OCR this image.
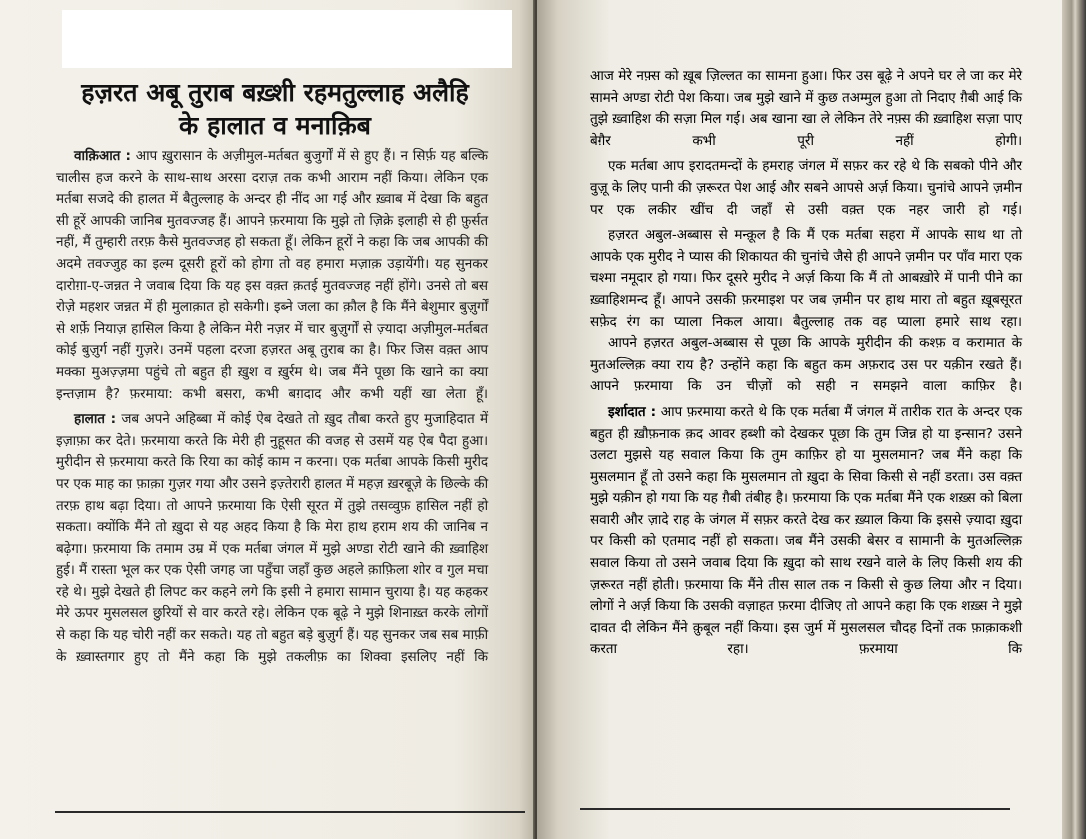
हज़रत अबू तुराब बख़्शी रहमतुल्लाह अलैहि
के हालात व मनाक़िब

वाक़िआत : आप ख़ुरासान के अज़ीमुल-मर्तबत बुजुर्गों में से हुए हैं। न सिर्फ़ यह बल्कि चालीस हज करने के साथ-साथ अरसा दराज़ तक कभी आराम नहीं किया। लेकिन एक मर्तबा सजदे की हालत में बैतुल्लाह के अन्दर ही नींद आ गई और ख़्वाब में देखा कि बहुत सी हूरें आपकी जानिब मुतवज्जह हैं। आपने फ़रमाया कि मुझे तो ज़िक्रे इलाही से ही फ़ुर्सत नहीं, मैं तुम्हारी तरफ़ कैसे मुतवज्जह हो सकता हूँ। लेकिन हूरों ने कहा कि जब आपकी की अदमे तवज्जुह का इल्म दूसरी हूरों को होगा तो वह हमारा मज़ाक़ उड़ायेंगी। यह सुनकर दारोग़ा-ए-जन्नत ने जवाब दिया कि यह इस वक़्त क़तई मुतवज्जह नहीं होंगे। उनसे तो बस रोज़े महशर जन्नत में ही मुलाक़ात हो सकेगी। इब्ने जला का क़ौल है कि मैंने बेशुमार बुज़ुर्गों से शर्फ़े नियाज़ हासिल किया है लेकिन मेरी नज़र में चार बुज़ुर्गों से ज़्यादा अज़ीमुल-मर्तबत कोई बुज़ुर्ग नहीं गुज़रे। उनमें पहला दरजा हज़रत अबू तुराब का है। फिर जिस वक़्त आप मक्का मुअज़्ज़मा पहुंचे तो बहुत ही ख़ुश व ख़ुर्रम थे। जब मैंने पूछा कि खाने का क्या इन्तज़ाम है? फ़रमाया: कभी बसरा, कभी बग़दाद और कभी यहीं खा लेता हूँ।

हालात : जब अपने अहिब्बा में कोई ऐब देखते तो ख़ुद तौबा करते हुए मुजाहिदात में इज़ाफ़ा कर देते। फ़रमाया करते कि मेरी ही नुहूसत की वजह से उसमें यह ऐब पैदा हुआ। मुरीदीन से फ़रमाया करते कि रिया का कोई काम न करना। एक मर्तबा आपके किसी मुरीद पर एक माह का फ़ाक़ा गुज़र गया और उसने इज़्तेरारी हालत में महज़ ख़रबूज़े के छिल्के की तरफ़ हाथ बढ़ा दिया। तो आपने फ़रमाया कि ऐसी सूरत में तुझे तसव्वुफ़ हासिल नहीं हो सकता। क्योंकि मैंने तो ख़ुदा से यह अहद किया है कि मेरा हाथ हराम शय की जानिब न बढ़ेगा। फ़रमाया कि तमाम उम्र में एक मर्तबा जंगल में मुझे अण्डा रोटी खाने की ख़्वाहिश हुई। मैं रास्ता भूल कर एक ऐसी जगह जा पहुँचा जहाँ कुछ अहले क़ाफ़िला शोर व गुल मचा रहे थे। मुझे देखते ही लिपट कर कहने लगे कि इसी ने हमारा सामान चुराया है। यह कहकर मेरे ऊपर मुसलसल छुरियों से वार करते रहे। लेकिन एक बूढ़े ने मुझे शिनाख़्त करके लोगों से कहा कि यह चोरी नहीं कर सकते। यह तो बहुत बड़े बुज़ुर्ग हैं। यह सुनकर जब सब माफ़ी के ख़्वास्तगार हुए तो मैंने कहा कि मुझे तकलीफ़ का शिक्वा इसलिए नहीं कि

आज मेरे नफ़्स को ख़ूब ज़िल्लत का सामना हुआ। फिर उस बूढ़े ने अपने घर ले जा कर मेरे सामने अण्डा रोटी पेश किया। जब मुझे खाने में कुछ तअम्मुल हुआ तो निदाए ग़ैबी आई कि तुझे ख़्वाहिश की सज़ा मिल गई। अब खाना खा ले लेकिन तेरे नफ़्स की ख़्वाहिश सज़ा पाए बेग़ैर कभी पूरी नहीं होगी।

एक मर्तबा आप इरादतमन्दों के हमराह जंगल में सफ़र कर रहे थे कि सबको पीने और वुज़ू के लिए पानी की ज़रूरत पेश आई और सबने आपसे अर्ज़ किया। चुनांचे आपने ज़मीन पर एक लकीर खींच दी जहाँ से उसी वक़्त एक नहर जारी हो गई।

हज़रत अबुल-अब्बास से मन्क़ूल है कि मैं एक मर्तबा सहरा में आपके साथ था तो आपके एक मुरीद ने प्यास की शिकायत की चुनांचे जैसे ही आपने ज़मीन पर पाँव मारा एक चश्मा नमूदार हो गया। फिर दूसरे मुरीद ने अर्ज़ किया कि मैं तो आबख़ोरे में पानी पीने का ख़्वाहिशमन्द हूँ। आपने उसकी फ़रमाइश पर जब ज़मीन पर हाथ मारा तो बहुत ख़ूबसूरत सफ़ेद रंग का प्याला निकल आया। बैतुल्लाह तक वह प्याला हमारे साथ रहा।

आपने हज़रत अबुल-अब्बास से पूछा कि आपके मुरीदीन की कश्फ़ व करामात के मुतअल्लिक़ क्या राय है? उन्होंने कहा कि बहुत कम अफ़राद उस पर यक़ीन रखते हैं। आपने फ़रमाया कि उन चीज़ों को सही न समझने वाला काफ़िर है।

इर्शादात : आप फ़रमाया करते थे कि एक मर्तबा मैं जंगल में तारीक रात के अन्दर एक बहुत ही ख़ौफ़नाक क़द आवर हब्शी को देखकर पूछा कि तुम जिन्न हो या इन्सान? उसने उलटा मुझसे यह सवाल किया कि तुम काफ़िर हो या मुसलमान? जब मैंने कहा कि मुसलमान हूँ तो उसने कहा कि मुसलमान तो ख़ुदा के सिवा किसी से नहीं डरता। उस वक़्त मुझे यक़ीन हो गया कि यह ग़ैबी तंबीह है। फ़रमाया कि एक मर्तबा मैंने एक शख़्स को बिला सवारी और ज़ादे राह के जंगल में सफ़र करते देख कर ख़्याल किया कि इससे ज़्यादा ख़ुदा पर किसी को एतमाद नहीं हो सकता। जब मैंने उसकी बेसर व सामानी के मुतअल्लिक़ सवाल किया तो उसने जवाब दिया कि ख़ुदा को साथ रखने वाले के लिए किसी शय की ज़रूरत नहीं होती। फ़रमाया कि मैंने तीस साल तक न किसी से कुछ लिया और न दिया। लोगों ने अर्ज़ किया कि उसकी वज़ाहत फ़रमा दीजिए तो आपने कहा कि एक शख़्स ने मुझे दावत दी लेकिन मैंने क़ुबूल नहीं किया। इस जुर्म में मुसलसल चौदह दिनों तक फ़ाक़ाकशी करता रहा। फ़रमाया कि
